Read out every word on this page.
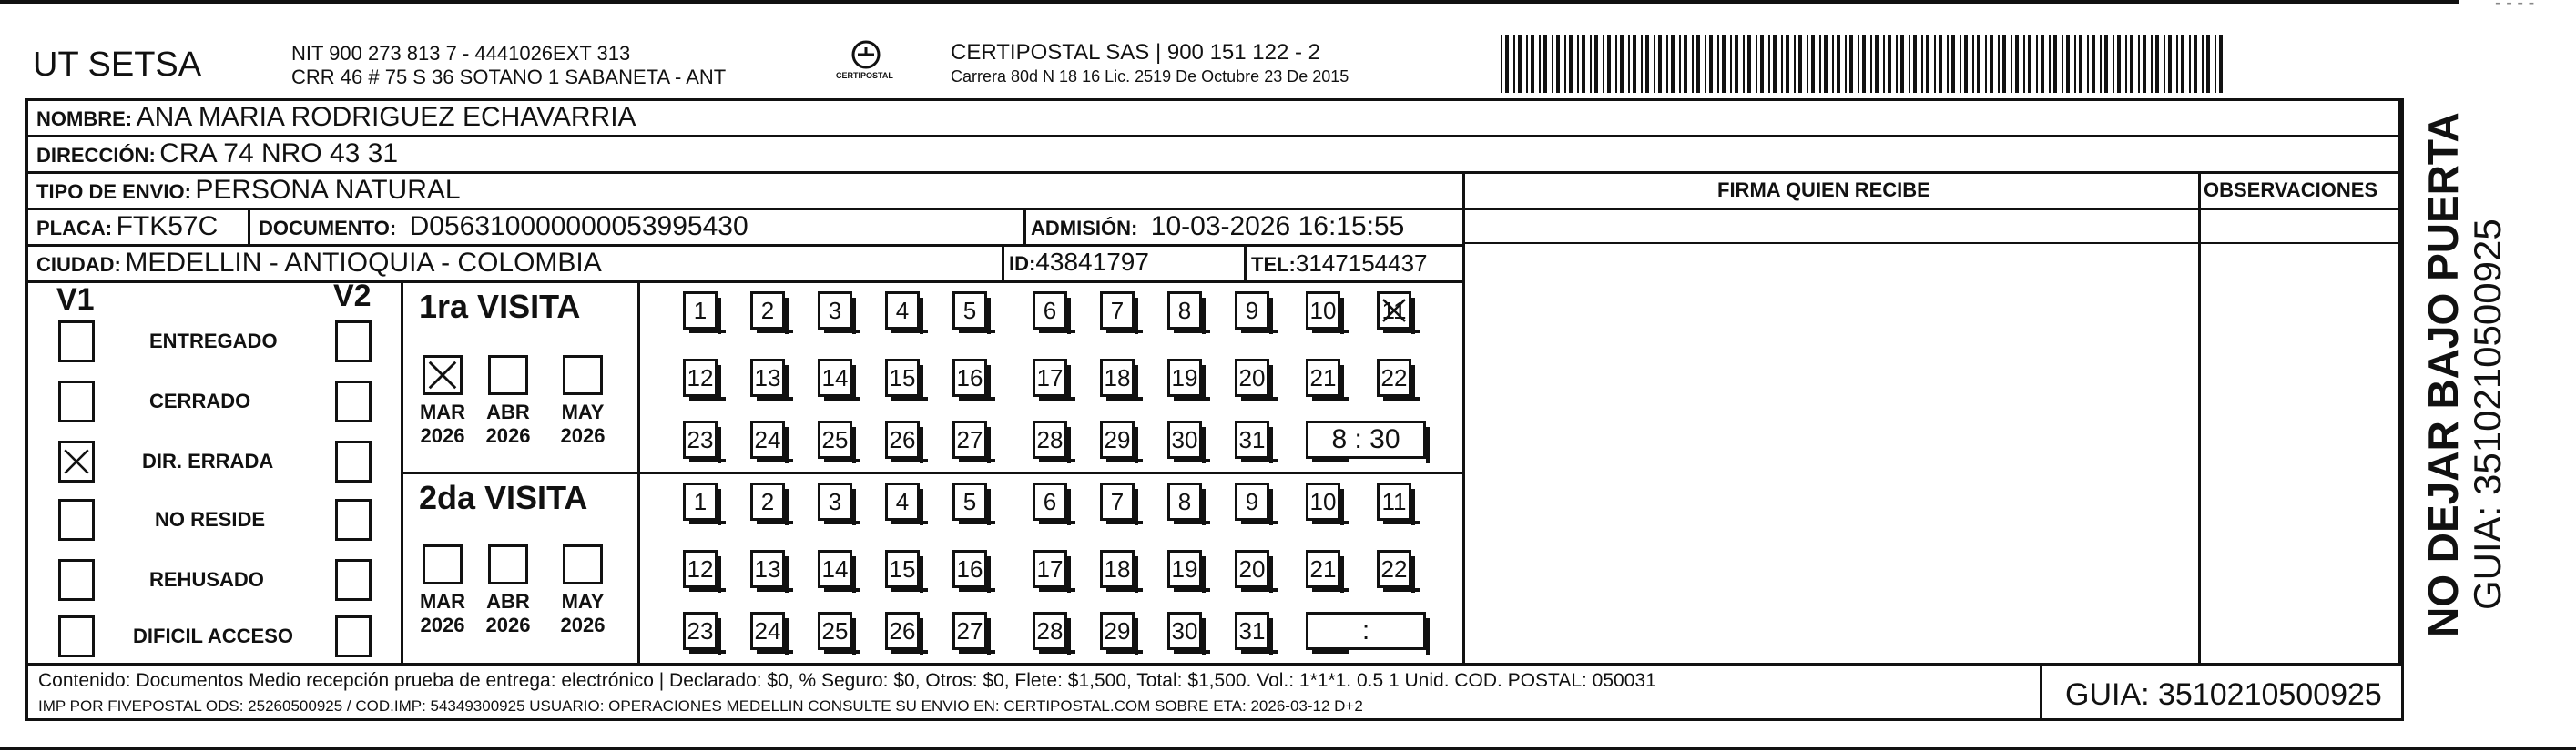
- - - -
UT SETSA	NIT 900 273 813 7 - 4441026EXT 313
CRR 46 # 75 S 36 SOTANO 1 SABANETA - ANT	CERTIPOSTAL
CERTIPOSTAL SAS | 900 151 122 - 2
Carrera 80d N 18 16 Lic. 2519 De Octubre 23 De 2015
NOMBRE: ANA MARIA RODRIGUEZ ECHAVARRIA
DIRECCIÓN: CRA 74 NRO 43 31
TIPO DE ENVIO: PERSONA NATURAL	FIRMA QUIEN RECIBE	OBSERVACIONES
PLACA: FTK57C DOCUMENTO: D056310000000053995430	ADMISIÓN: 10-03-2026 16:15:55
CIUDAD: MEDELLIN - ANTIOQUIA - COLOMBIA	ID:43841797	TEL:3147154437
V1	V2
ENTREGADO
CERRADO
DIR. ERRADA
NO RESIDE
REHUSADO
DIFICIL ACCESO
1ra VISITA
MAR
2026
ABR
2026
MAY
2026
1	2	3	4	5	6	7	8	9	10 11
12 13 14 15 16 17 18 19 20 21 22
23 24 25 26 27 28 29 30 31	8 : 30
2da VISITA
MAR
2026
ABR
2026
MAY
2026
1	2	3	4	5	6	7	8	9	10 11
12 13 14 15 16 17 18 19 20 21 22
23 24 25 26 27 28 29 30 31	:
Contenido: Documentos Medio recepción prueba de entrega: electrónico | Declarado: $0, % Seguro: $0, Otros: $0, Flete: $1,500, Total: $1,500. Vol.: 1*1*1. 0.5 1 Unid. COD. POSTAL: 050031
IMP POR FIVEPOSTAL ODS: 25260500925 / COD.IMP: 54349300925 USUARIO: OPERACIONES MEDELLIN CONSULTE SU ENVIO EN: CERTIPOSTAL.COM SOBRE ETA: 2026-03-12 D+2	GUIA: 3510210500925
NO DEJAR BAJO PUERTA GUIA: 3510210500925
